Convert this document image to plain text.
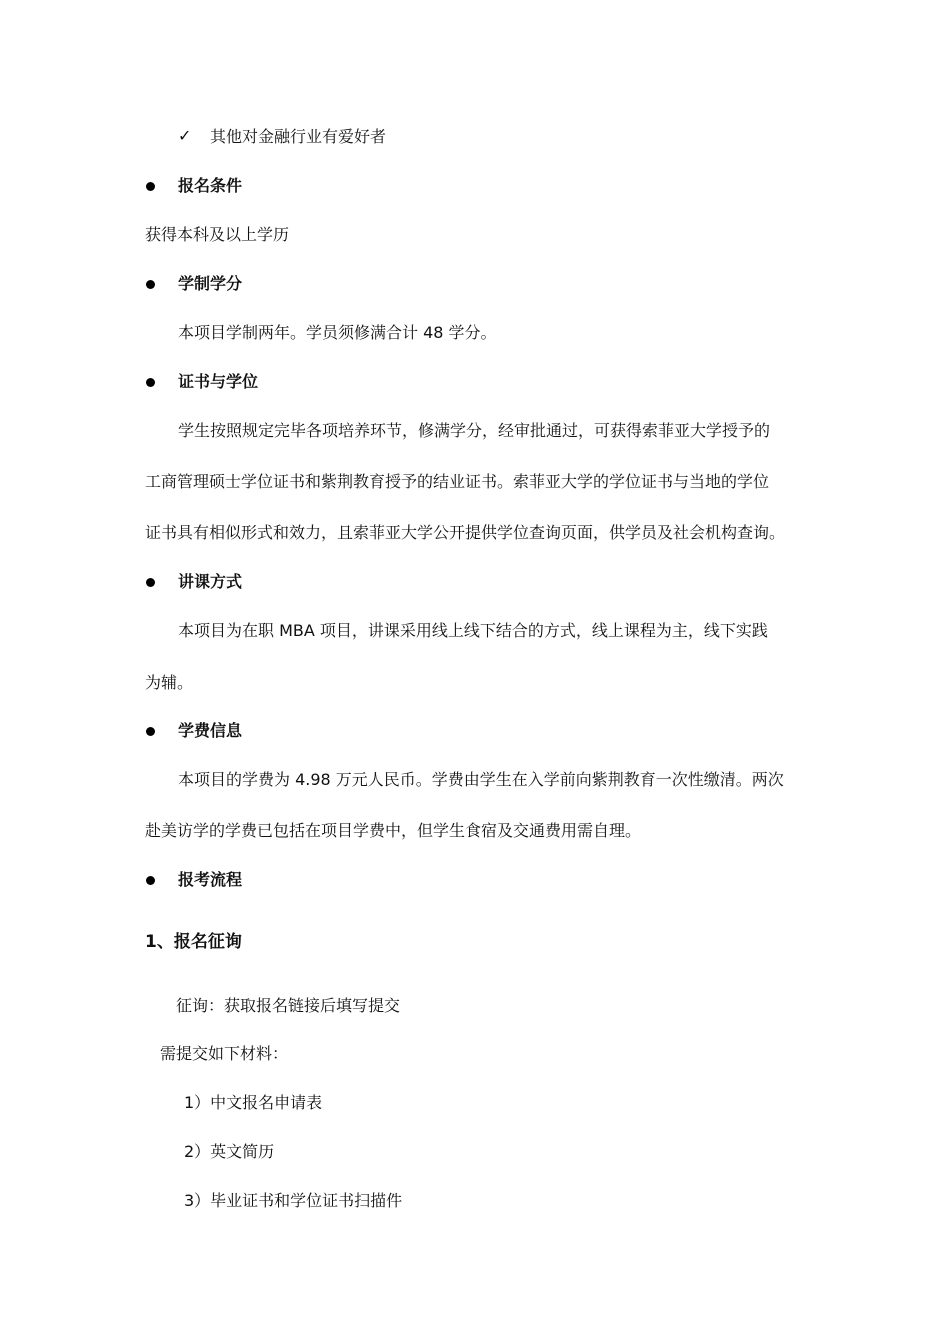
✓ 其他对金融行业有爱好者
报名条件
获得本科及以上学历
学制学分
本项目学制两年。学员须修满合计 48 学分。
证书与学位
学生按照规定完毕各项培养环节，修满学分，经审批通过，可获得索菲亚大学授予的
工商管理硕士学位证书和紫荆教育授予的结业证书。索菲亚大学的学位证书与当地的学位
证书具有相似形式和效力，且索菲亚大学公开提供学位查询页面，供学员及社会机构查询。
讲课方式
本项目为在职 MBA 项目，讲课采用线上线下结合的方式，线上课程为主，线下实践
为辅。
学费信息
本项目的学费为 4.98 万元人民币。学费由学生在入学前向紫荆教育一次性缴清。两次
赴美访学的学费已包括在项目学费中，但学生食宿及交通费用需自理。
报考流程
1、报名征询
征询：获取报名链接后填写提交
需提交如下材料：
1）中文报名申请表
2）英文简历
3）毕业证书和学位证书扫描件
